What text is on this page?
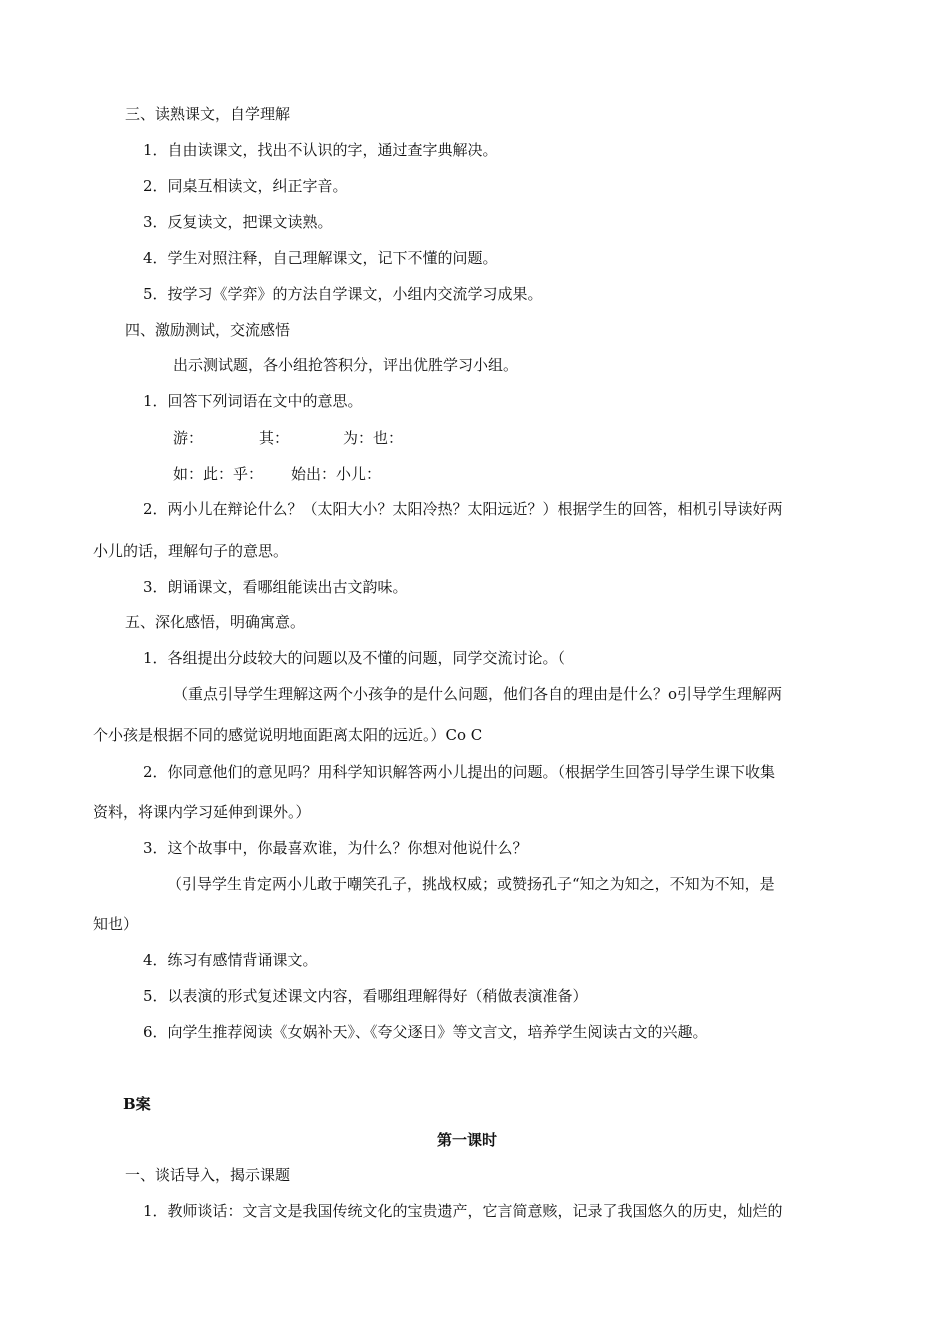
三、读熟课文，自学理解
1．自由读课文，找出不认识的字，通过查字典解决。
2．同桌互相读文，纠正字音。
3．反复读文，把课文读熟。
4．学生对照注释，自己理解课文，记下不懂的问题。
5．按学习《学弈》的方法自学课文，小组内交流学习成果。
四、激励测试，交流感悟
出示测试题，各小组抢答积分，评出优胜学习小组。
1．回答下列词语在文中的意思。
游：	其：	为：也：
如：此：乎：	始出：小儿：
2．两小儿在辩论什么？（太阳大小？太阳冷热？太阳远近？）根据学生的回答，相机引导读好两
小儿的话，理解句子的意思。
3．朗诵课文，看哪组能读出古文韵味。
五、深化感悟，明确寓意。
1．各组提出分歧较大的问题以及不懂的问题，同学交流讨论。（
（重点引导学生理解这两个小孩争的是什么问题，他们各自的理由是什么？o引导学生理解两
个小孩是根据不同的感觉说明地面距离太阳的远近。）Co C
2．你同意他们的意见吗？用科学知识解答两小儿提出的问题。（根据学生回答引导学生课下收集
资料，将课内学习延伸到课外。）
3．这个故事中，你最喜欢谁，为什么？你想对他说什么？
（引导学生肯定两小儿敢于嘲笑孔子，挑战权威；或赞扬孔子“知之为知之，不知为不知，是
知也）
4．练习有感情背诵课文。
5．以表演的形式复述课文内容，看哪组理解得好（稍做表演准备）
6．向学生推荐阅读《女娲补天》、《夸父逐日》等文言文，培养学生阅读古文的兴趣。
B案
第一课时
一、谈话导入，揭示课题
1．教师谈话：文言文是我国传统文化的宝贵遗产，它言简意赅，记录了我国悠久的历史，灿烂的
